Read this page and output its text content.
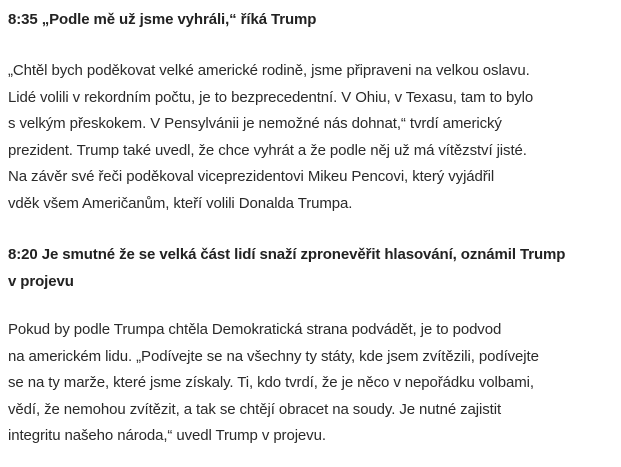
8:35 „Podle mě už jsme vyhráli,“ říká Trump

„Chtěl bych poděkovat velké americké rodině, jsme připraveni na velkou oslavu.
Lidé volili v rekordním počtu, je to bezprecedentní. V Ohiu, v Texasu, tam to bylo
s velkým přeskokem. V Pensylvánii je nemožné nás dohnat,“ tvrdí americký
prezident. Trump také uvedl, že chce vyhrát a že podle něj už má vítězství jisté.
Na závěr své řeči poděkoval viceprezidentovi Mikeu Pencovi, který vyjádřil
vděk všem Američanům, kteří volili Donalda Trumpa.

8:20 Je smutné že se velká část lidí snaží zpronevěřit hlasování, oznámil Trump
v projevu

Pokud by podle Trumpa chtěla Demokratická strana podvádět, je to podvod
na americkém lidu. „Podívejte se na všechny ty státy, kde jsem zvítězili, podívejte
se na ty marže, které jsme získaly. Ti, kdo tvrdí, že je něco v nepořádku volbami,
vědí, že nemohou zvítězit, a tak se chtějí obracet na soudy. Je nutné zajistit
integritu našeho národa,“ uvedl Trump v projevu.
